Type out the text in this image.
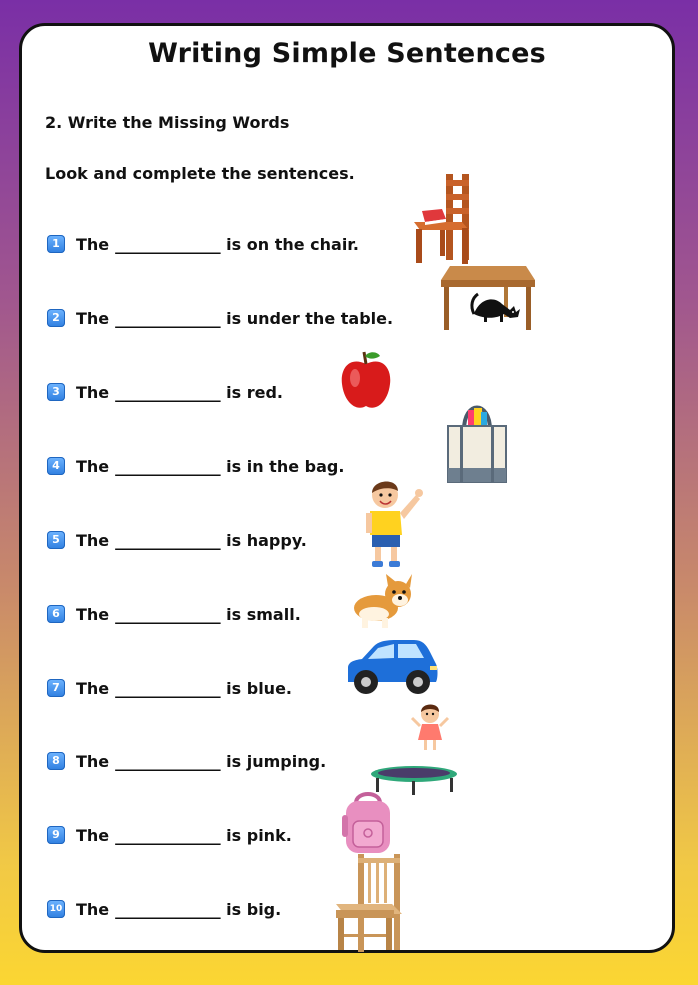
Writing Simple Sentences
2. Write the Missing Words
Look and complete the sentences.
1	The ______________ is on the chair.
2	The ______________ is under the table.
3	The ______________ is red.
4	The ______________ is in the bag.
5	The ______________ is happy.
6	The ______________ is small.
7	The ______________ is blue.
8	The ______________ is jumping.
9	The ______________ is pink.
10 The ______________ is big.
